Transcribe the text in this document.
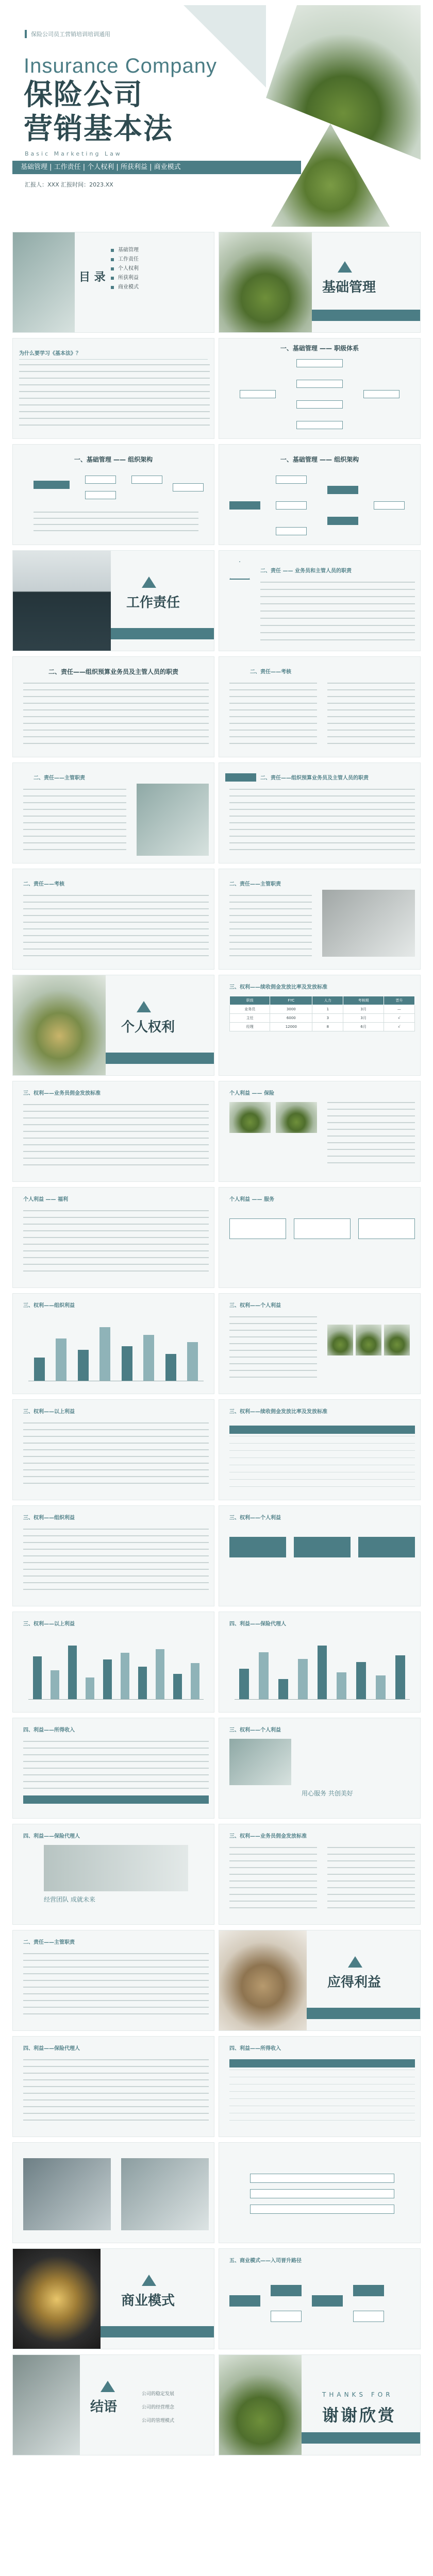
保险公司员工营销培训培训通用
Insurance Company
保险公司
营销基本法
Basic Marketing Law
基础管理 | 工作责任 | 个人权利 | 所获利益 | 商业模式
汇报人：XXX 汇报时间：2023.XX
目 录
基础管理
工作责任
个人权利
所获利益
商业模式	基础管理
为什么要学习《基本法》？
一、基础管理 —— 职级体系
一、基础管理 —— 组织架构	一、基础管理 —— 组织架构
工作责任
二、责任 —— 业务员和主管人员的职责
二、责任——组织预算业务员及主管人员的职责	二、责任——考核
二、责任——主管职责	二、责任——组织预算业务员及主管人员的职责
二、责任——考核	二、责任——主管职责
个人权利
三、权利——续收佣金发放比率及发放标准
职级	FYC	人力	考核期	晋升
业务员	3000	1	3月	—
主任	6000	3	3月	√
经理	12000	8	6月	√
三、权利——业务员佣金发放标准	个人利益 —— 保险
个人利益 —— 福利	个人利益 —— 服务
三、权利——组织利益	三、权利——个人利益
三、权利——以上利益	三、权利——续收佣金发放比率及发放标准
三、权利——组织利益	三、权利——个人利益
三、权利——以上利益	四、利益——保险代理人
四、利益——所得收入	三、权利——个人利益
用心服务 共创美好
四、利益——保险代理人
经营团队 成就未来
三、权利——业务员佣金发放标准
二、责任——主管职责
应得利益
四、利益——保险代理人	四、利益——所得收入
商业模式
五、商业模式——入司晋升路径
结语
公司的稳定发展
公司的经营理念
公司的管理模式
THANKS FOR
谢谢欣赏
